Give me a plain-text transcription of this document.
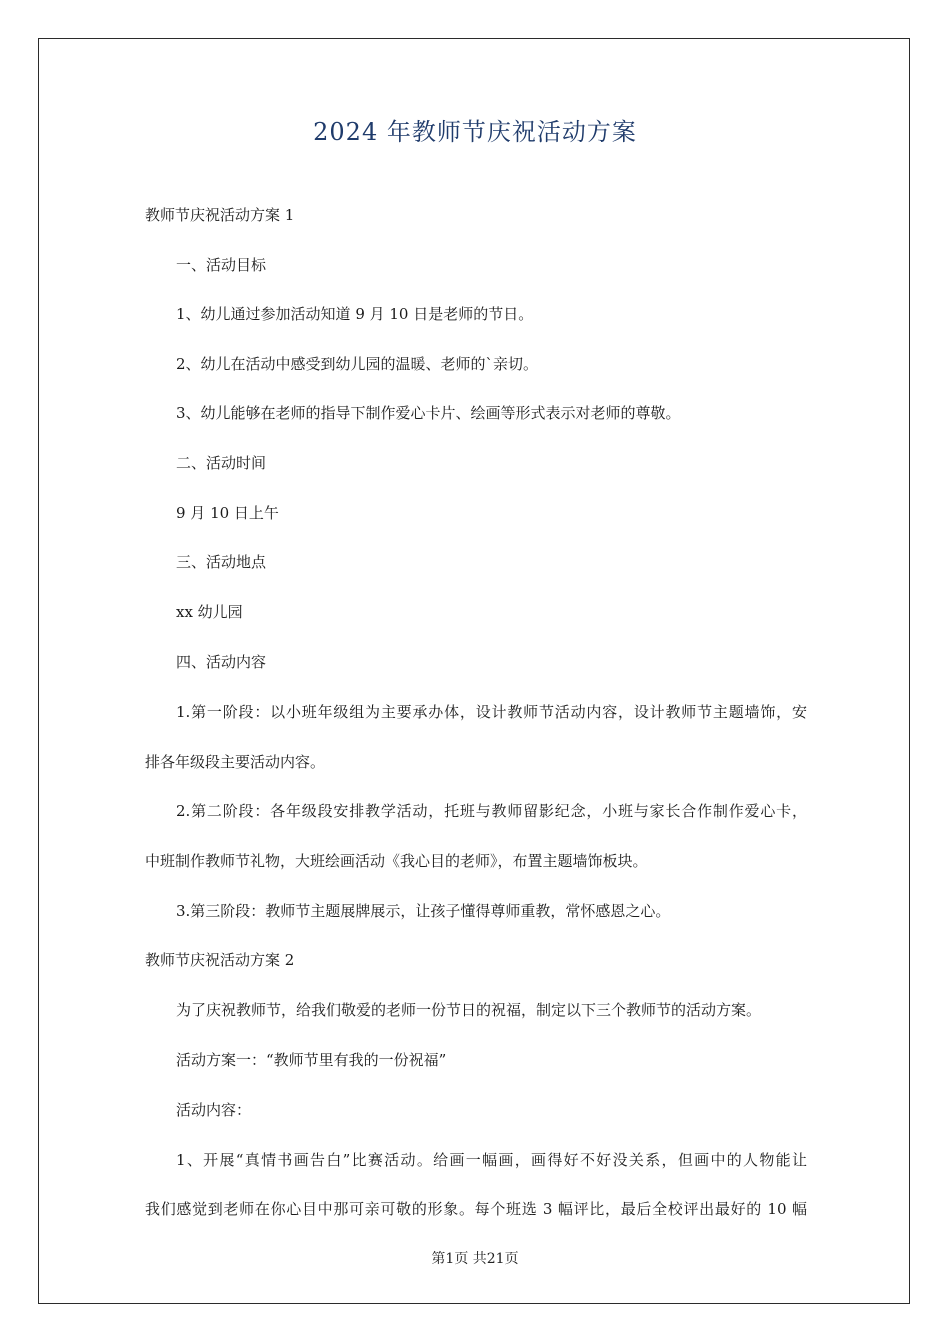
2024 年教师节庆祝活动方案
教师节庆祝活动方案 1
一、活动目标
1、幼儿通过参加活动知道 9 月 10 日是老师的节日。
2、幼儿在活动中感受到幼儿园的温暖、老师的`亲切。
3、幼儿能够在老师的指导下制作爱心卡片、绘画等形式表示对老师的尊敬。
二、活动时间
9 月 10 日上午
三、活动地点
xx 幼儿园
四、活动内容
1.第一阶段：以小班年级组为主要承办体，设计教师节活动内容，设计教师节主题墙饰，安
排各年级段主要活动内容。
2.第二阶段：各年级段安排教学活动，托班与教师留影纪念，小班与家长合作制作爱心卡，
中班制作教师节礼物，大班绘画活动《我心目的老师》，布置主题墙饰板块。
3.第三阶段：教师节主题展牌展示，让孩子懂得尊师重教，常怀感恩之心。
教师节庆祝活动方案 2
为了庆祝教师节，给我们敬爱的老师一份节日的祝福，制定以下三个教师节的活动方案。
活动方案一：“教师节里有我的一份祝福”
活动内容：
1、开展“真情书画告白”比赛活动。给画一幅画，画得好不好没关系，但画中的人物能让
我们感觉到老师在你心目中那可亲可敬的形象。每个班选 3 幅评比，最后全校评出最好的 10 幅
第1页 共21页
